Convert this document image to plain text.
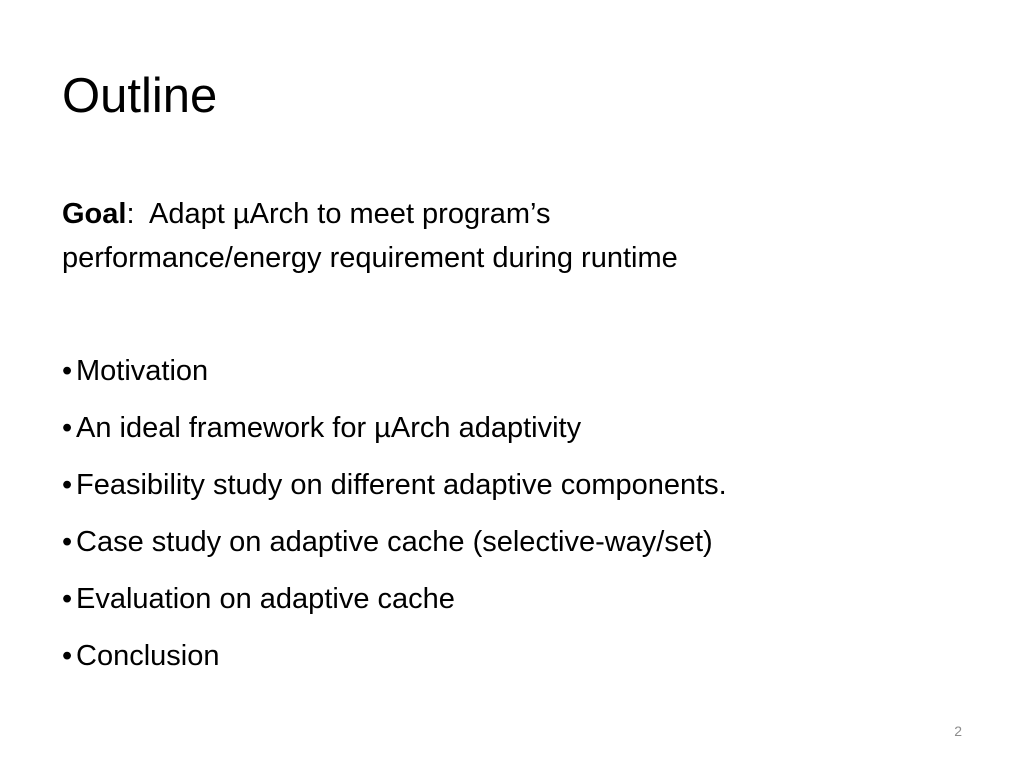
Outline
Goal:  Adapt µArch to meet program’s
performance/energy requirement during runtime
• Motivation
• An ideal framework for µArch adaptivity
• Feasibility study on different adaptive components.
• Case study on adaptive cache (selective-way/set)
• Evaluation on adaptive cache
• Conclusion
2
